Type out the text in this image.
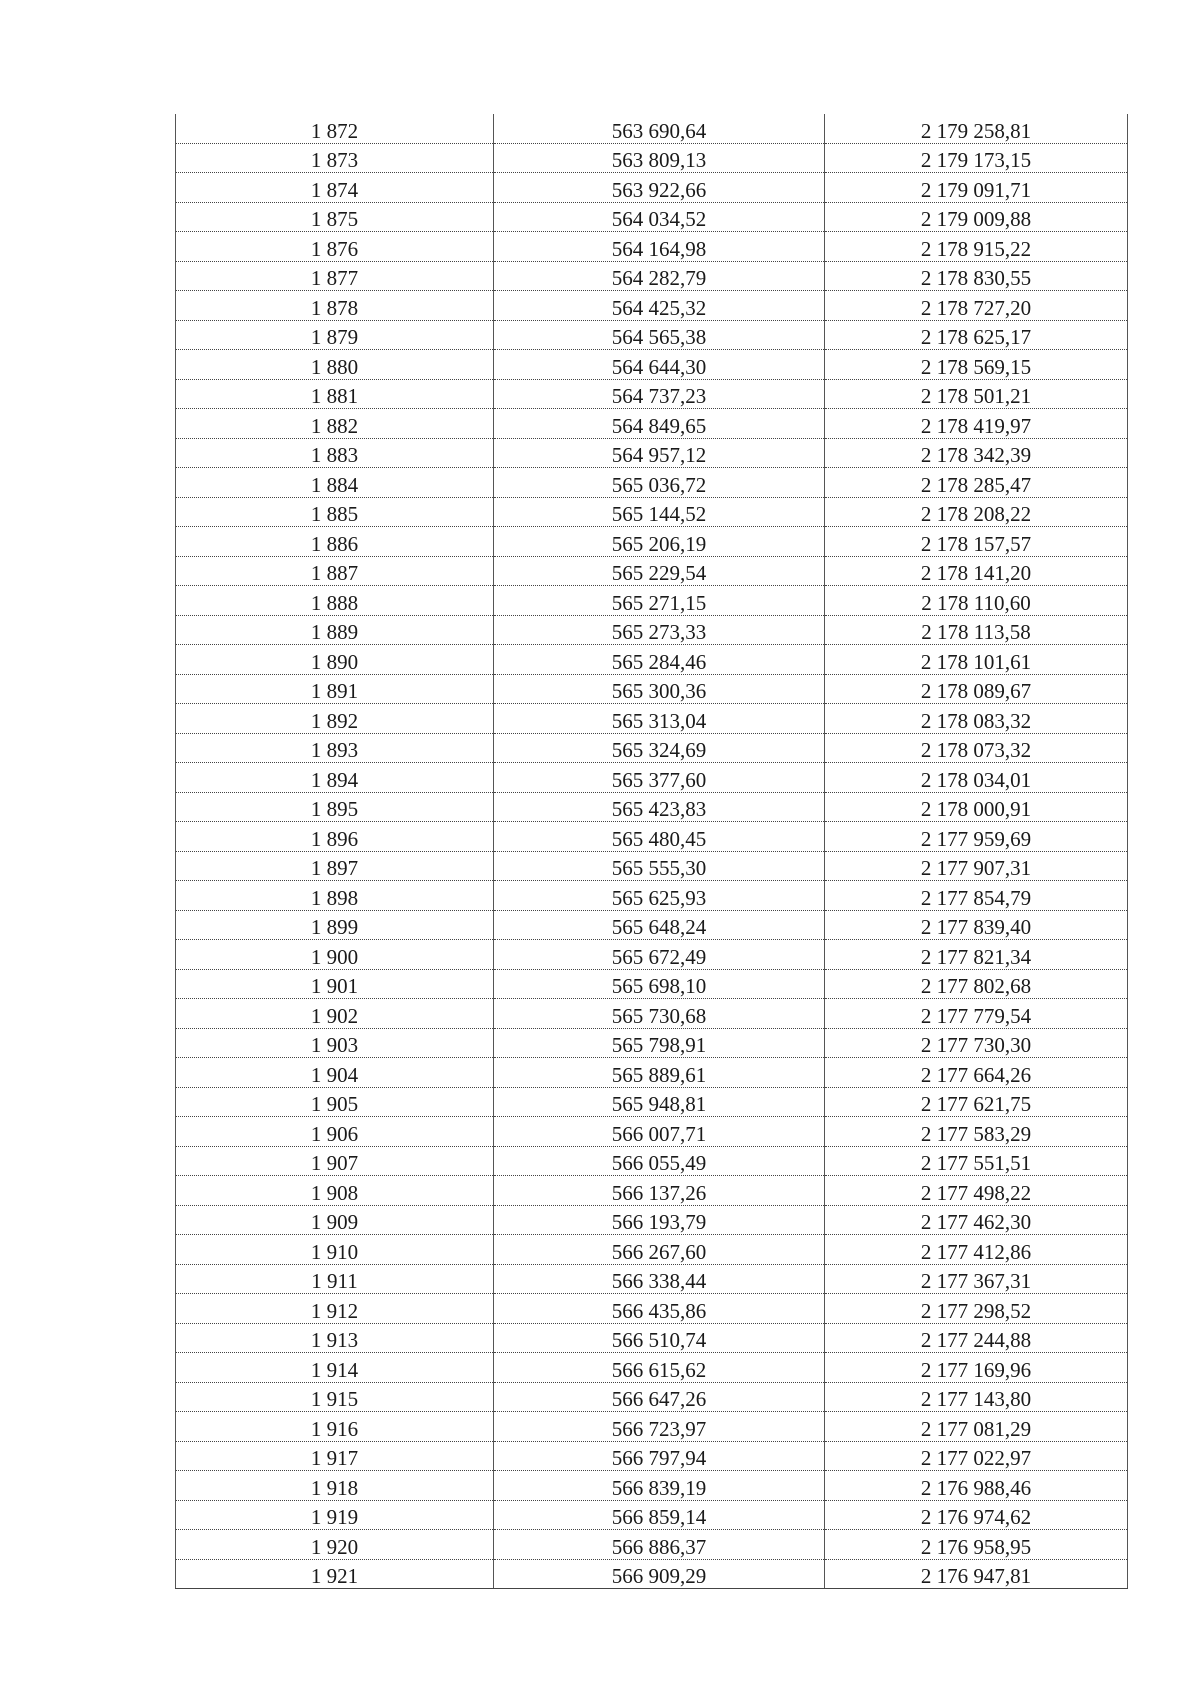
1 872	563 690,64	2 179 258,81
1 873	563 809,13	2 179 173,15
1 874	563 922,66	2 179 091,71
1 875	564 034,52	2 179 009,88
1 876	564 164,98	2 178 915,22
1 877	564 282,79	2 178 830,55
1 878	564 425,32	2 178 727,20
1 879	564 565,38	2 178 625,17
1 880	564 644,30	2 178 569,15
1 881	564 737,23	2 178 501,21
1 882	564 849,65	2 178 419,97
1 883	564 957,12	2 178 342,39
1 884	565 036,72	2 178 285,47
1 885	565 144,52	2 178 208,22
1 886	565 206,19	2 178 157,57
1 887	565 229,54	2 178 141,20
1 888	565 271,15	2 178 110,60
1 889	565 273,33	2 178 113,58
1 890	565 284,46	2 178 101,61
1 891	565 300,36	2 178 089,67
1 892	565 313,04	2 178 083,32
1 893	565 324,69	2 178 073,32
1 894	565 377,60	2 178 034,01
1 895	565 423,83	2 178 000,91
1 896	565 480,45	2 177 959,69
1 897	565 555,30	2 177 907,31
1 898	565 625,93	2 177 854,79
1 899	565 648,24	2 177 839,40
1 900	565 672,49	2 177 821,34
1 901	565 698,10	2 177 802,68
1 902	565 730,68	2 177 779,54
1 903	565 798,91	2 177 730,30
1 904	565 889,61	2 177 664,26
1 905	565 948,81	2 177 621,75
1 906	566 007,71	2 177 583,29
1 907	566 055,49	2 177 551,51
1 908	566 137,26	2 177 498,22
1 909	566 193,79	2 177 462,30
1 910	566 267,60	2 177 412,86
1 911	566 338,44	2 177 367,31
1 912	566 435,86	2 177 298,52
1 913	566 510,74	2 177 244,88
1 914	566 615,62	2 177 169,96
1 915	566 647,26	2 177 143,80
1 916	566 723,97	2 177 081,29
1 917	566 797,94	2 177 022,97
1 918	566 839,19	2 176 988,46
1 919	566 859,14	2 176 974,62
1 920	566 886,37	2 176 958,95
1 921	566 909,29	2 176 947,81
